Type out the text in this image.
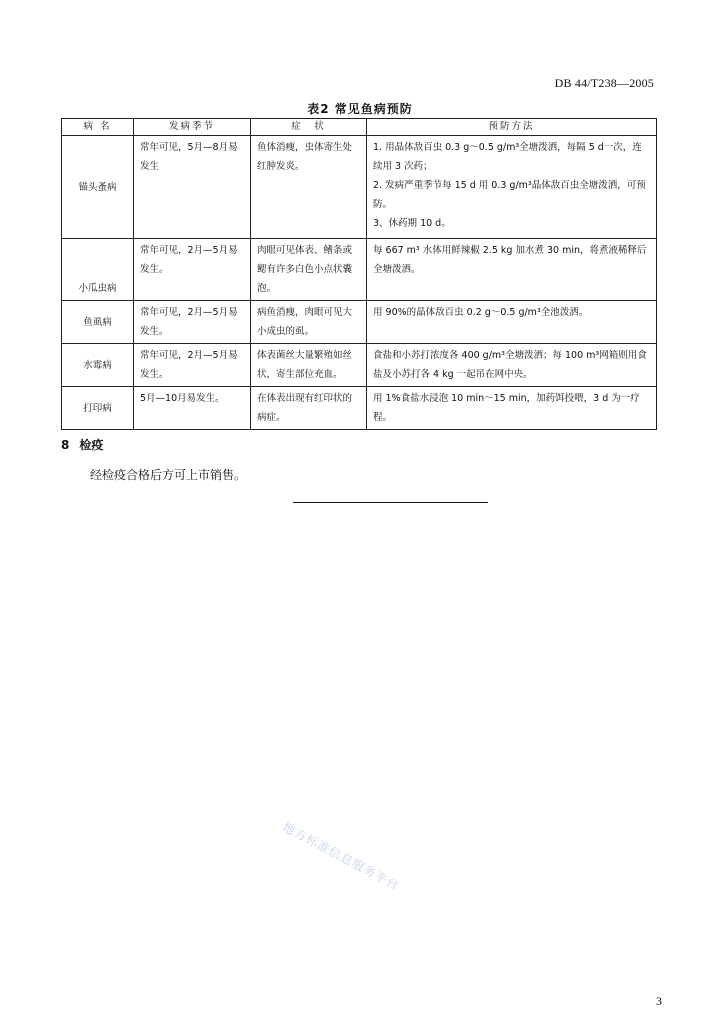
DB 44/T238—2005
表2 常见鱼病预防
病 名	发病季节	症　状	预防方法
锚头蚤病	常年可见，5月—8月易发生	鱼体消瘦，虫体寄生处红肿发炎。	1. 用晶体敌百虫 0.3 g～0.5 g/m³全塘泼洒，每隔 5 d一次，连续用 3 次药；
2. 发病严重季节每 15 d 用 0.3 g/m³晶体敌百虫全塘泼洒，可预防。
3、休药期 10 d。

小瓜虫病	常年可见，2月—5月易发生。	肉眼可见体表、鳍条或鳃有许多白色小点状囊泡。	每 667 m³ 水体用鲜辣椒 2.5 kg 加水煮 30 min，将煮液稀释后全塘泼洒。

鱼虱病	常年可见，2月—5月易发生。	病鱼消瘦，肉眼可见大小成虫的虱。	用 90%的晶体敌百虫 0.2 g～0.5 g/m³全池泼洒。

水霉病	常年可见，2月—5月易发生。	体表菌丝大量繁殖如丝状，寄生部位充血。	食盐和小苏打浓度各 400 g/m³全塘泼洒；每 100 m³网箱则用食盐及小苏打各 4 kg 一起吊在网中央。

打印病	5月—10月易发生。	在体表出现有红印状的病症。	用 1%食盐水浸泡 10 min～15 min，加药饵投喂，3 d 为一疗程。
8 检疫
经检疫合格后方可上市销售。
地方标准信息服务平台
3
